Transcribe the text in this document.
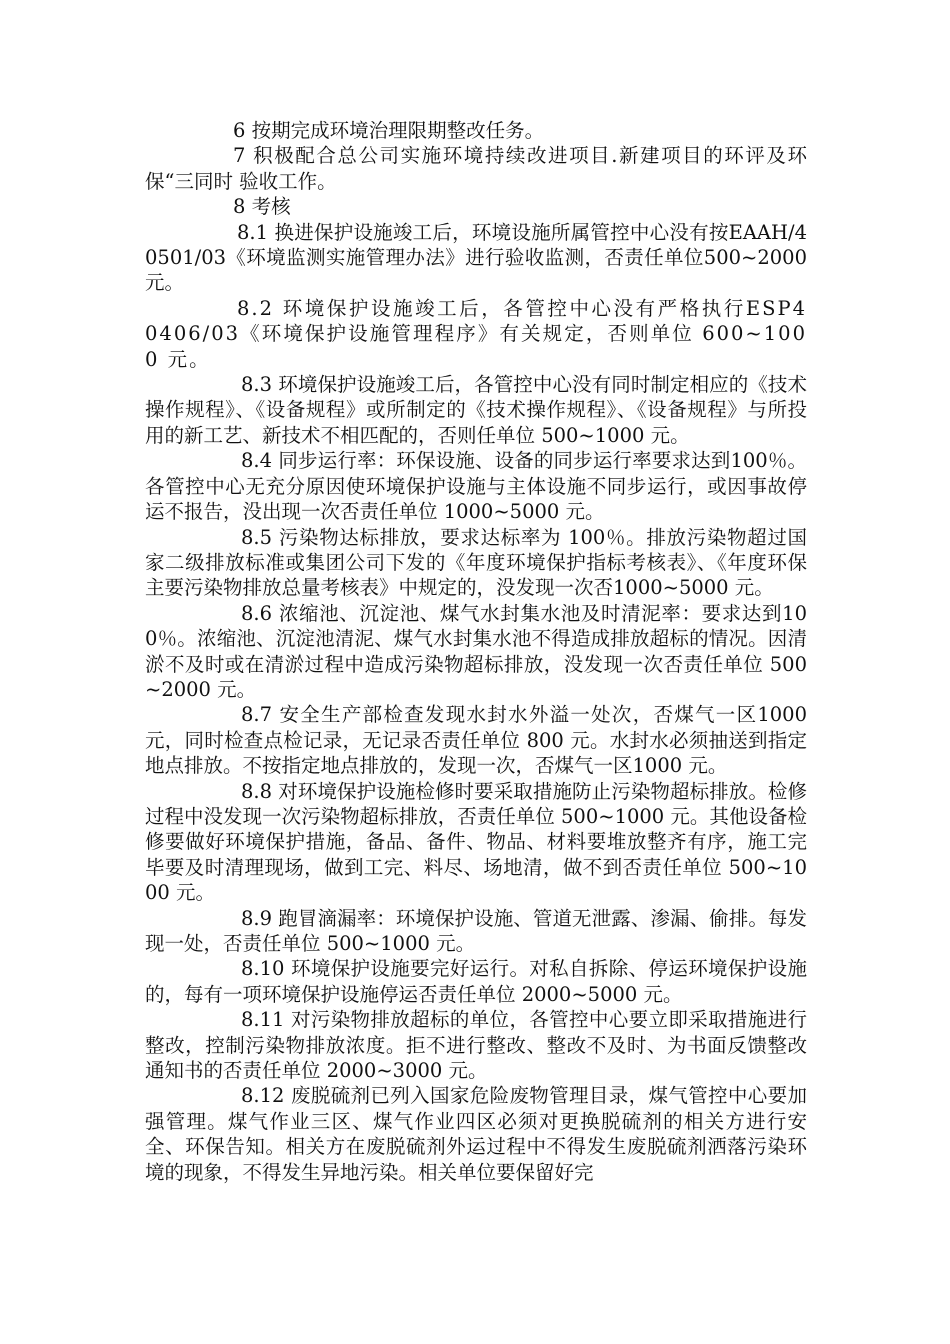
6 按期完成环境治理限期整改任务。

7 积极配合总公司实施环境持续改进项目.新建项目的环评及环保“三同时 验收工作。

8 考核

8.1 换进保护设施竣工后，环境设施所属管控中心没有按EAAH/40501/03《环境监测实施管理办法》进行验收监测，否责任单位500~2000 元。

8.2 环境保护设施竣工后，各管控中心没有严格执行ESP40406/03《环境保护设施管理程序》有关规定，否则单位 600~1000 元。

8.3 环境保护设施竣工后，各管控中心没有同时制定相应的《技术操作规程》、《设备规程》或所制定的《技术操作规程》、《设备规程》与所投用的新工艺、新技术不相匹配的，否则任单位 500~1000 元。

8.4 同步运行率：环保设施、设备的同步运行率要求达到100％。各管控中心无充分原因使环境保护设施与主体设施不同步运行，或因事故停运不报告，没出现一次否责任单位 1000~5000 元。

8.5 污染物达标排放，要求达标率为 100％。排放污染物超过国家二级排放标准或集团公司下发的《年度环境保护指标考核表》、《年度环保主要污染物排放总量考核表》中规定的，没发现一次否1000~5000 元。

8.6 浓缩池、沉淀池、煤气水封集水池及时清泥率：要求达到100％。浓缩池、沉淀池清泥、煤气水封集水池不得造成排放超标的情况。因清淤不及时或在清淤过程中造成污染物超标排放，没发现一次否责任单位 500~2000 元。

8.7 安全生产部检查发现水封水外溢一处次，否煤气一区1000 元，同时检查点检记录，无记录否责任单位 800 元。水封水必须抽送到指定地点排放。不按指定地点排放的，发现一次，否煤气一区1000 元。

8.8 对环境保护设施检修时要采取措施防止污染物超标排放。检修过程中没发现一次污染物超标排放，否责任单位 500~1000 元。其他设备检修要做好环境保护措施，备品、备件、物品、材料要堆放整齐有序，施工完毕要及时清理现场，做到工完、料尽、场地清，做不到否责任单位 500~1000 元。

8.9 跑冒滴漏率：环境保护设施、管道无泄露、渗漏、偷排。每发现一处，否责任单位 500~1000 元。

8.10 环境保护设施要完好运行。对私自拆除、停运环境保护设施的，每有一项环境保护设施停运否责任单位 2000~5000 元。

8.11 对污染物排放超标的单位，各管控中心要立即采取措施进行整改，控制污染物排放浓度。拒不进行整改、整改不及时、为书面反馈整改通知书的否责任单位 2000~3000 元。

8.12 废脱硫剂已列入国家危险废物管理目录，煤气管控中心要加强管理。煤气作业三区、煤气作业四区必须对更换脱硫剂的相关方进行安全、环保告知。相关方在废脱硫剂外运过程中不得发生废脱硫剂洒落污染环境的现象，不得发生异地污染。相关单位要保留好完
